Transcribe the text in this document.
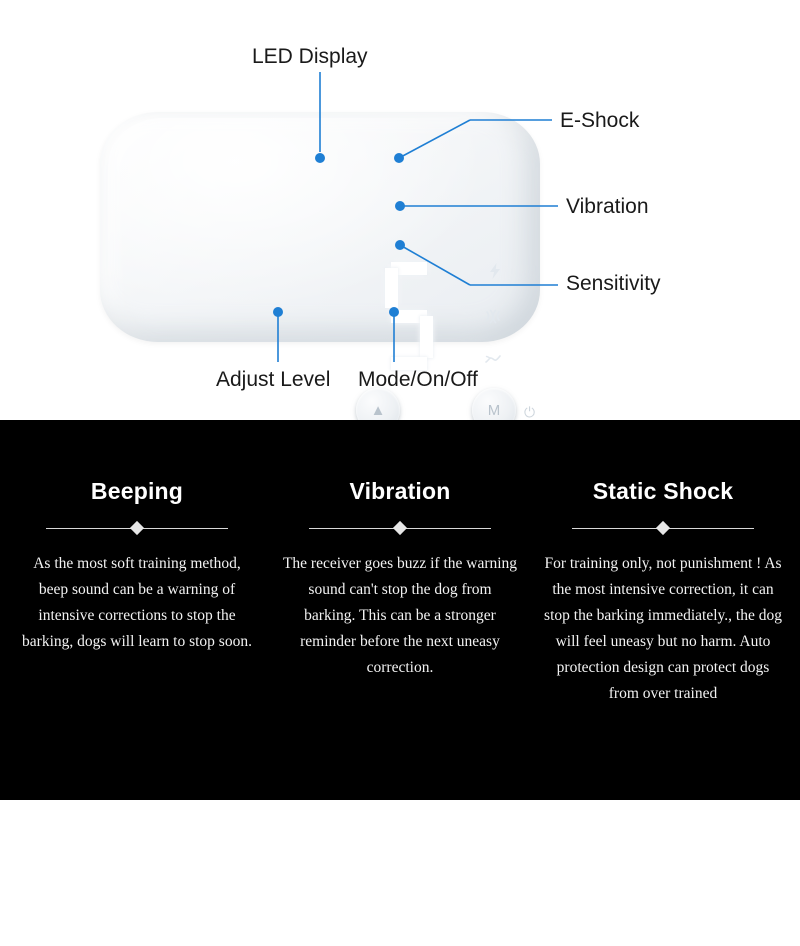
▲	M ⏻
LED Display
E-Shock
Vibration
Sensitivity
Adjust Level Mode/On/Off
Beeping
As the most soft training method, beep sound can be a warning of intensive corrections to stop the barking, dogs will learn to stop soon.
Vibration
The receiver goes buzz if the warning sound can't stop the dog from barking. This can be a stronger reminder before the next uneasy correction.
Static Shock
For training only, not punishment ! As the most intensive correction, it can stop the barking immediately., the dog will feel uneasy but no harm. Auto protection design can protect dogs from over trained
